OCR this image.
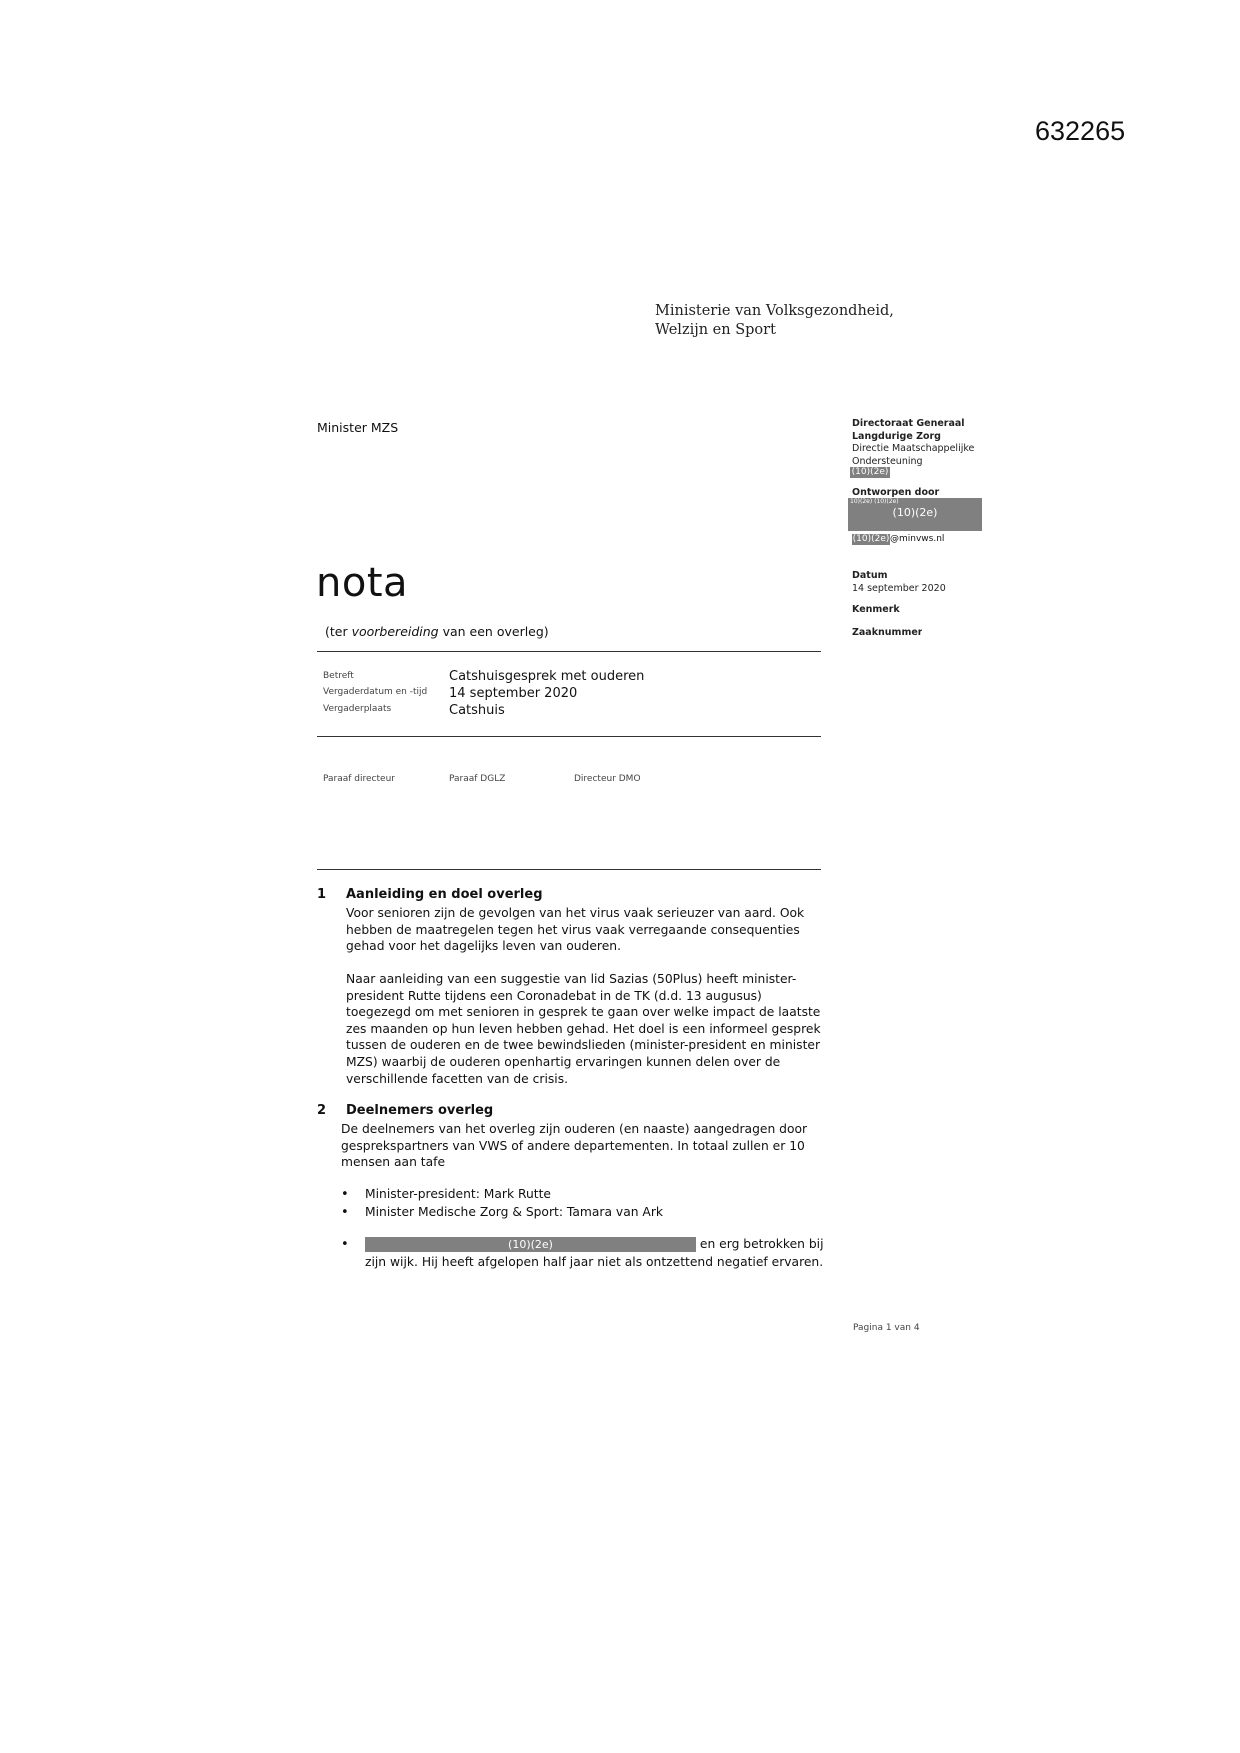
632265
Ministerie van Volksgezondheid,
Welzijn en Sport
Minister MZS
nota
(ter voorbereiding van een overleg)
Betreft	Catshuisgesprek met ouderen
Vergaderdatum en -tijd 14 september 2020
Vergaderplaats	Catshuis
Paraaf directeur	Paraaf DGLZ	Directeur DMO
Directoraat Generaal
Langdurige Zorg
Directie Maatschappelijke
Ondersteuning
(10)(2e)
Ontworpen door
10)(2e) (10)(2e)
(10)(2e)
(10)(2e)@minvws.nl
Datum
14 september 2020
Kenmerk
Zaaknummer
1 Aanleiding en doel overleg
Voor senioren zijn de gevolgen van het virus vaak serieuzer van aard. Ook
hebben de maatregelen tegen het virus vaak verregaande consequenties
gehad voor het dagelijks leven van ouderen.
Naar aanleiding van een suggestie van lid Sazias (50Plus) heeft minister-
president Rutte tijdens een Coronadebat in de TK (d.d. 13 augusus)
toegezegd om met senioren in gesprek te gaan over welke impact de laatste
zes maanden op hun leven hebben gehad. Het doel is een informeel gesprek
tussen de ouderen en de twee bewindslieden (minister-president en minister
MZS) waarbij de ouderen openhartig ervaringen kunnen delen over de
verschillende facetten van de crisis.
2 Deelnemers overleg
De deelnemers van het overleg zijn ouderen (en naaste) aangedragen door
gesprekspartners van VWS of andere departementen. In totaal zullen er 10
mensen aan tafe
• Minister-president: Mark Rutte
• Minister Medische Zorg & Sport: Tamara van Ark
•	(10)(2e)	en erg betrokken bij
zijn wijk. Hij heeft afgelopen half jaar niet als ontzettend negatief ervaren.
Pagina 1 van 4
